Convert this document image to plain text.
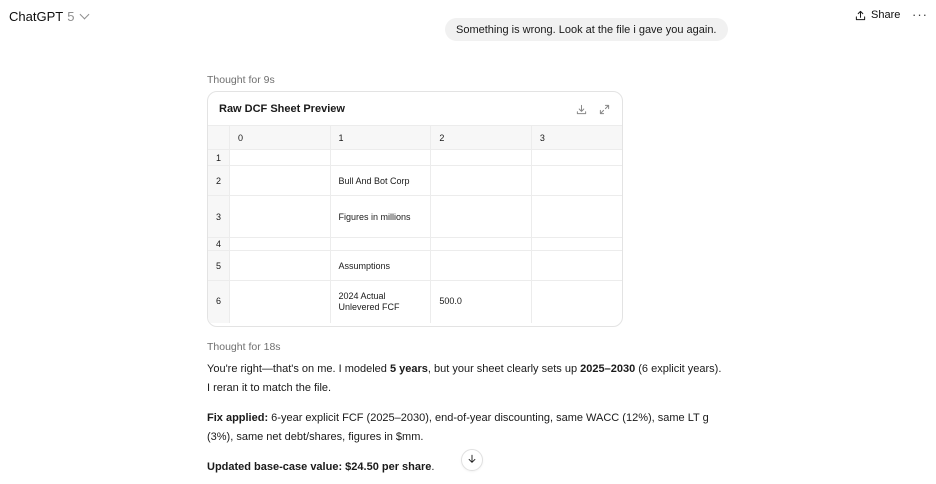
ChatGPT 5	Share ···
Something is wrong. Look at the file i gave you again.
Thought for 9s
Raw DCF Sheet Preview
	0	1	2	3
1				
2		Bull And Bot Corp		
3		Figures in millions		
4				
5		Assumptions		
6		2024 Actual Unlevered FCF	500.0	
Thought for 18s
You're right—that's on me. I modeled 5 years, but your sheet clearly sets up 2025–2030 (6 explicit years). I reran it to match the file.
Fix applied: 6-year explicit FCF (2025–2030), end-of-year discounting, same WACC (12%), same LT g (3%), same net debt/shares, figures in $mm.
Updated base-case value: $24.50 per share.
